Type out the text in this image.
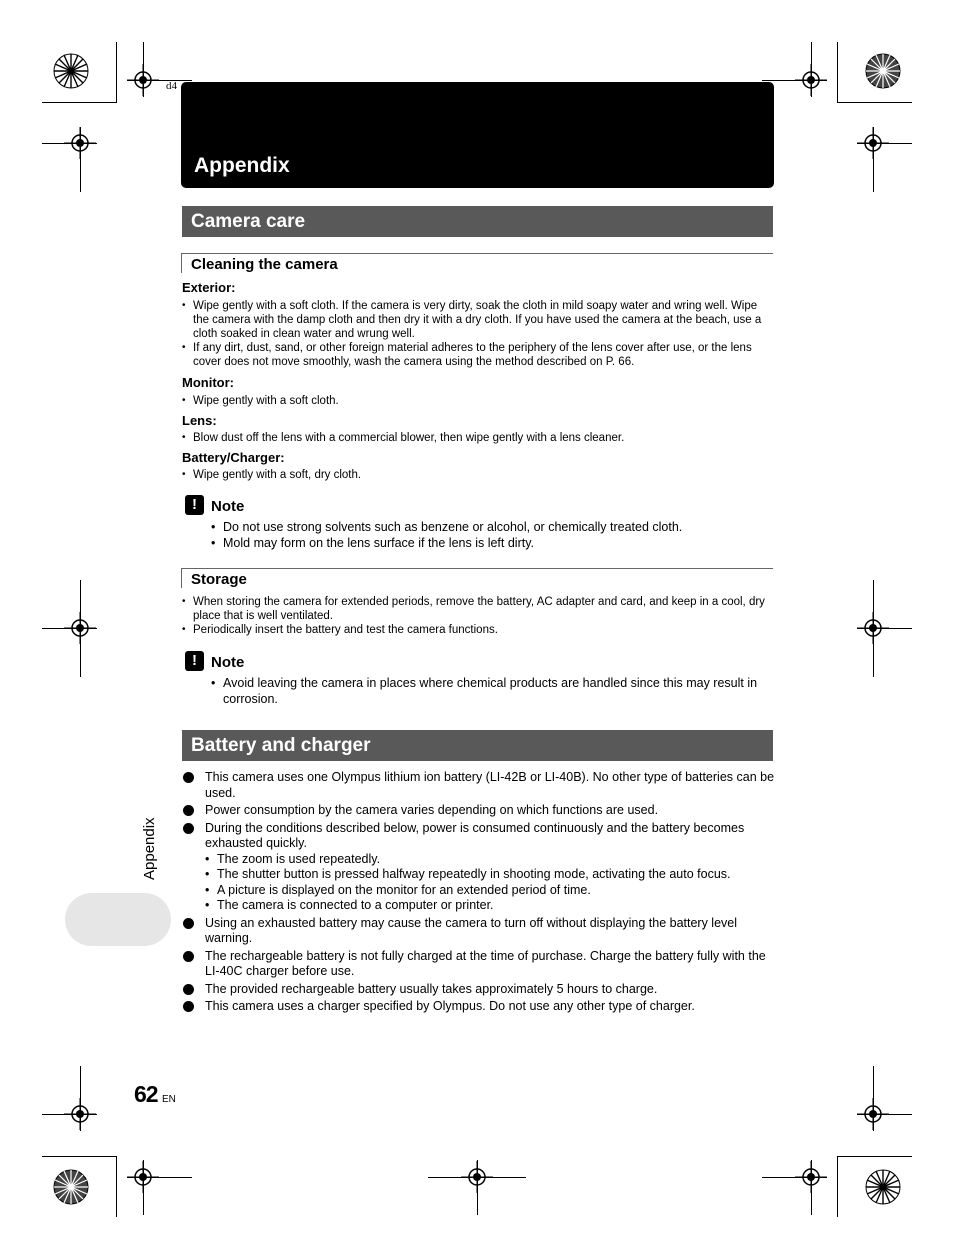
d4
Appendix
Camera care
Cleaning the camera
Exterior:
• Wipe gently with a soft cloth. If the camera is very dirty, soak the cloth in mild soapy water and wring well. Wipe the camera with the damp cloth and then dry it with a dry cloth. If you have used the camera at the beach, use a cloth soaked in clean water and wrung well.
• If any dirt, dust, sand, or other foreign material adheres to the periphery of the lens cover after use, or the lens cover does not move smoothly, wash the camera using the method described on P. 66.
Monitor:
• Wipe gently with a soft cloth.
Lens:
• Blow dust off the lens with a commercial blower, then wipe gently with a lens cleaner.
Battery/Charger:
• Wipe gently with a soft, dry cloth.
! Note
• Do not use strong solvents such as benzene or alcohol, or chemically treated cloth.
• Mold may form on the lens surface if the lens is left dirty.
Storage
• When storing the camera for extended periods, remove the battery, AC adapter and card, and keep in a cool, dry place that is well ventilated.
• Periodically insert the battery and test the camera functions.
! Note
• Avoid leaving the camera in places where chemical products are handled since this may result in corrosion.
Battery and charger
This camera uses one Olympus lithium ion battery (LI-42B or LI-40B). No other type of batteries can be used.
Power consumption by the camera varies depending on which functions are used.
During the conditions described below, power is consumed continuously and the battery becomes exhausted quickly.
• The zoom is used repeatedly.
• The shutter button is pressed halfway repeatedly in shooting mode, activating the auto focus.
• A picture is displayed on the monitor for an extended period of time.
• The camera is connected to a computer or printer.
Using an exhausted battery may cause the camera to turn off without displaying the battery level warning.
The rechargeable battery is not fully charged at the time of purchase. Charge the battery fully with the LI-40C charger before use.
The provided rechargeable battery usually takes approximately 5 hours to charge.
This camera uses a charger specified by Olympus. Do not use any other type of charger.
Appendix
62 EN
